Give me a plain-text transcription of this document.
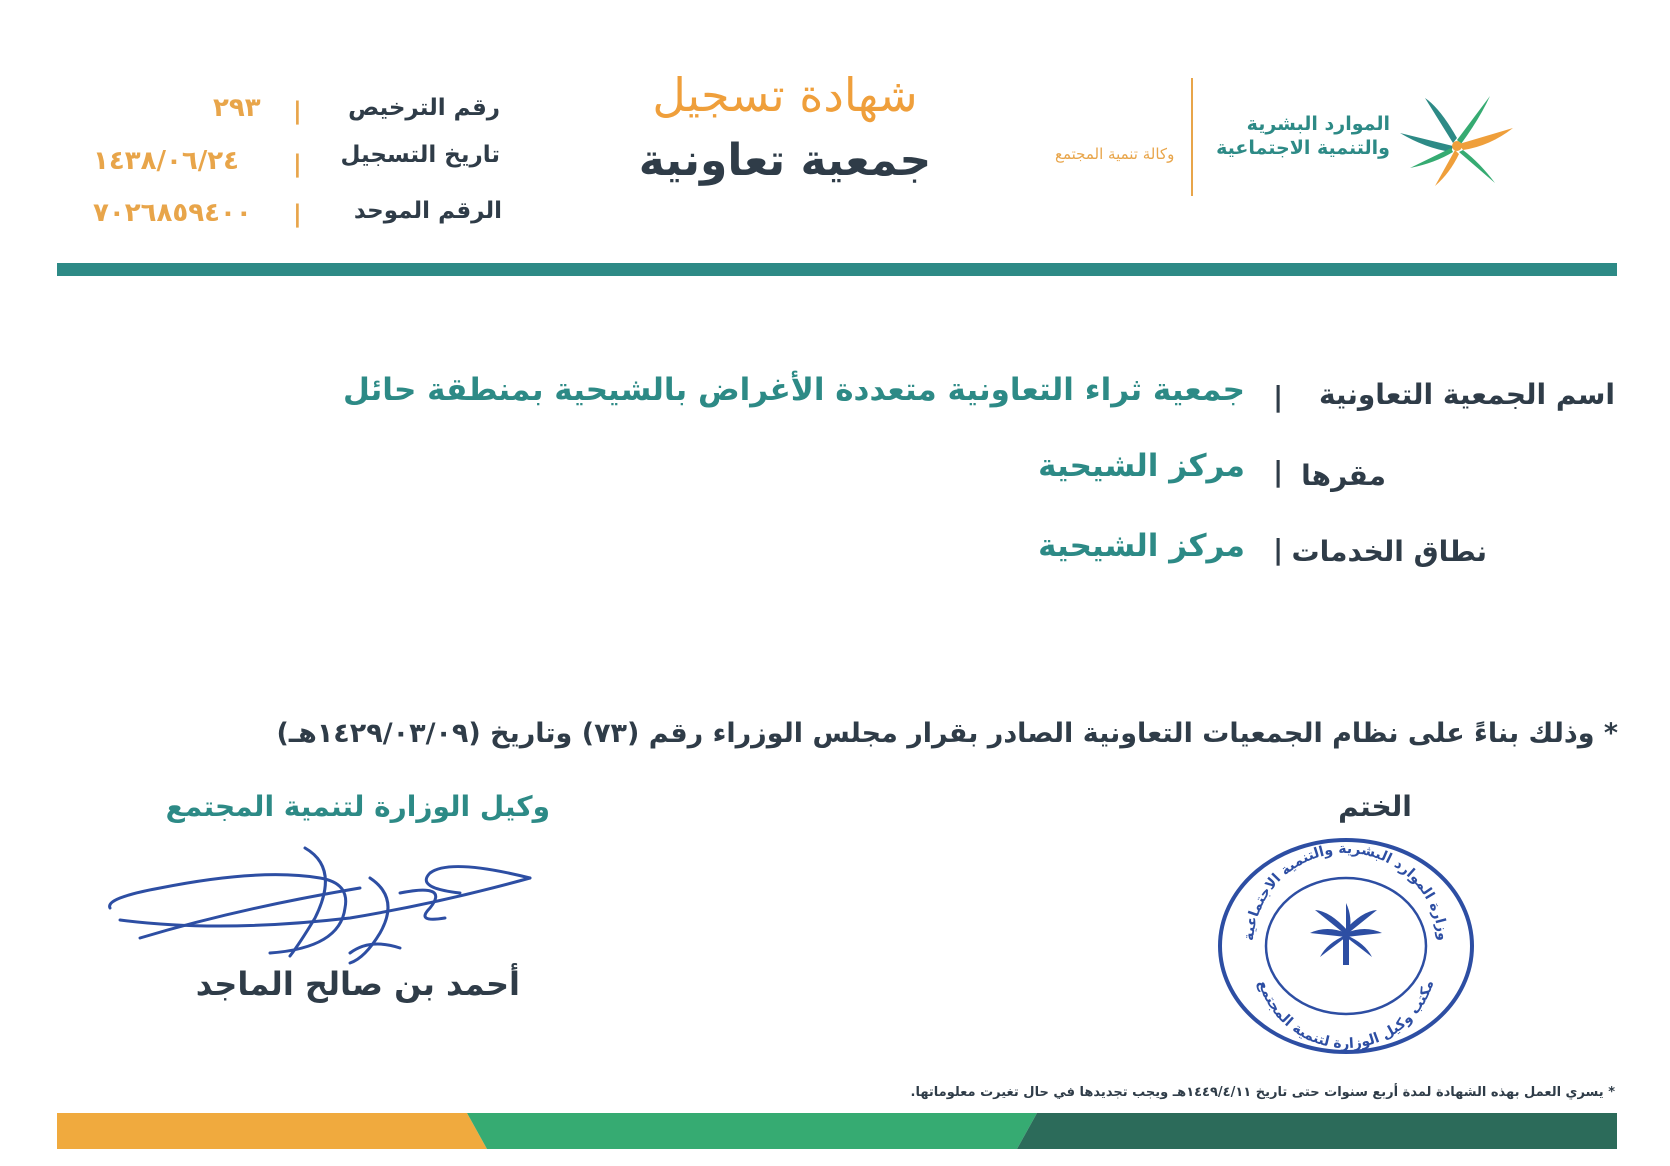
الموارد البشرية
والتنمية الاجتماعية
وكالة تنمية المجتمع
شهادة تسجيل
جمعية تعاونية
رقم الترخيص
|
٢٩٣
تاريخ التسجيل
|
١٤٣٨/٠٦/٢٤
الرقم الموحد
|
٧٠٢٦٨٥٩٤٠٠
اسم الجمعية التعاونية
|
جمعية ثراء التعاونية متعددة الأغراض بالشيحية بمنطقة حائل
مقرها
|
مركز الشيحية
نطاق الخدمات
|
مركز الشيحية
* وذلك بناءً على نظام الجمعيات التعاونية الصادر بقرار مجلس الوزراء رقم (٧٣) وتاريخ (١٤٢٩/٠٣/٠٩هـ)
وكيل الوزارة لتنمية المجتمع
أحمد بن صالح الماجد
الختم
وزارة الموارد البشرية والتنمية الاجتماعية
مكتب وكيل الوزارة لتنمية المجتمع
* يسري العمل بهذه الشهادة لمدة أربع سنوات حتى تاريخ ١٤٤٩/٤/١١هـ ويجب تجديدها في حال تغيرت معلوماتها.
